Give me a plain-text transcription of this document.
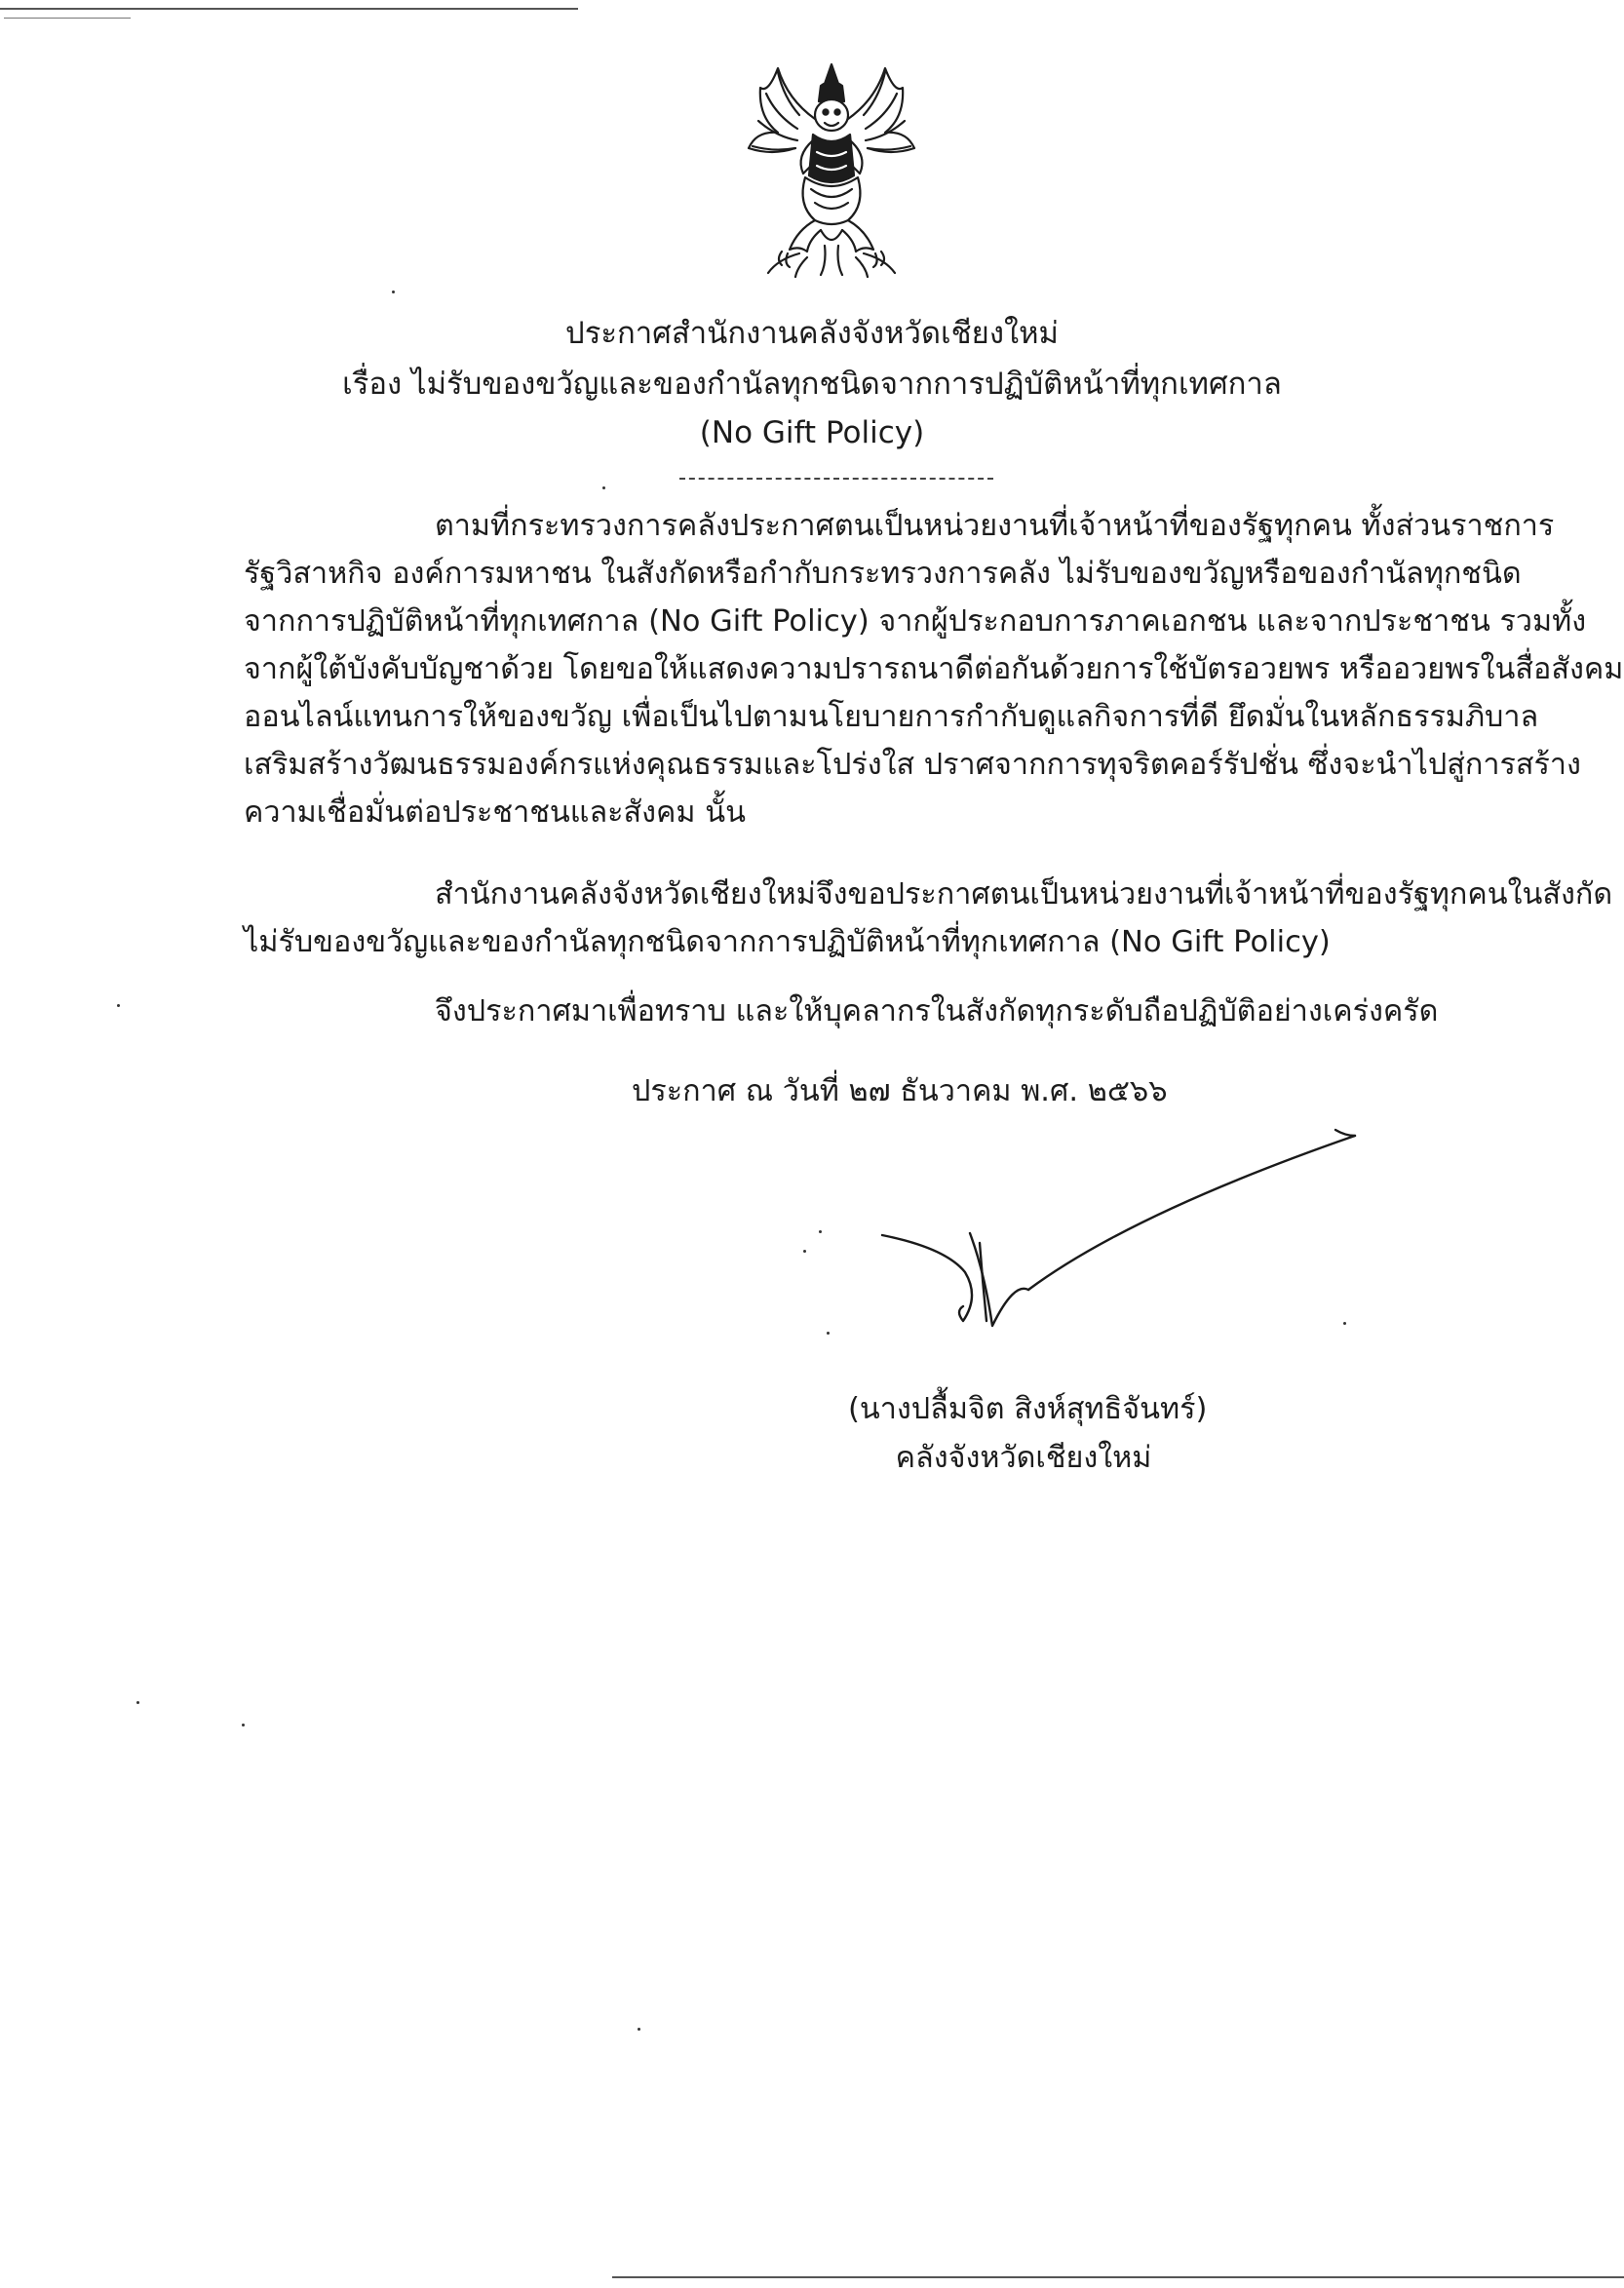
ประกาศสำนักงานคลังจังหวัดเชียงใหม่
เรื่อง ไม่รับของขวัญและของกำนัลทุกชนิดจากการปฏิบัติหน้าที่ทุกเทศกาล
(No Gift Policy)
ตามที่กระทรวงการคลังประกาศตนเป็นหน่วยงานที่เจ้าหน้าที่ของรัฐทุกคน ทั้งส่วนราชการ
รัฐวิสาหกิจ องค์การมหาชน ในสังกัดหรือกำกับกระทรวงการคลัง ไม่รับของขวัญหรือของกำนัลทุกชนิด
จากการปฏิบัติหน้าที่ทุกเทศกาล (No Gift Policy) จากผู้ประกอบการภาคเอกชน และจากประชาชน รวมทั้ง
จากผู้ใต้บังคับบัญชาด้วย โดยขอให้แสดงความปรารถนาดีต่อกันด้วยการใช้บัตรอวยพร หรืออวยพรในสื่อสังคม
ออนไลน์แทนการให้ของขวัญ เพื่อเป็นไปตามนโยบายการกำกับดูแลกิจการที่ดี ยึดมั่นในหลักธรรมภิบาล
เสริมสร้างวัฒนธรรมองค์กรแห่งคุณธรรมและโปร่งใส ปราศจากการทุจริตคอร์รัปชั่น ซึ่งจะนำไปสู่การสร้าง
ความเชื่อมั่นต่อประชาชนและสังคม นั้น
สำนักงานคลังจังหวัดเชียงใหม่จึงขอประกาศตนเป็นหน่วยงานที่เจ้าหน้าที่ของรัฐทุกคนในสังกัด
ไม่รับของขวัญและของกำนัลทุกชนิดจากการปฏิบัติหน้าที่ทุกเทศกาล (No Gift Policy)
จึงประกาศมาเพื่อทราบ และให้บุคลากรในสังกัดทุกระดับถือปฏิบัติอย่างเคร่งครัด
ประกาศ ณ วันที่ ๒๗ ธันวาคม พ.ศ. ๒๕๖๖
(นางปลื้มจิต สิงห์สุทธิจันทร์)
คลังจังหวัดเชียงใหม่
